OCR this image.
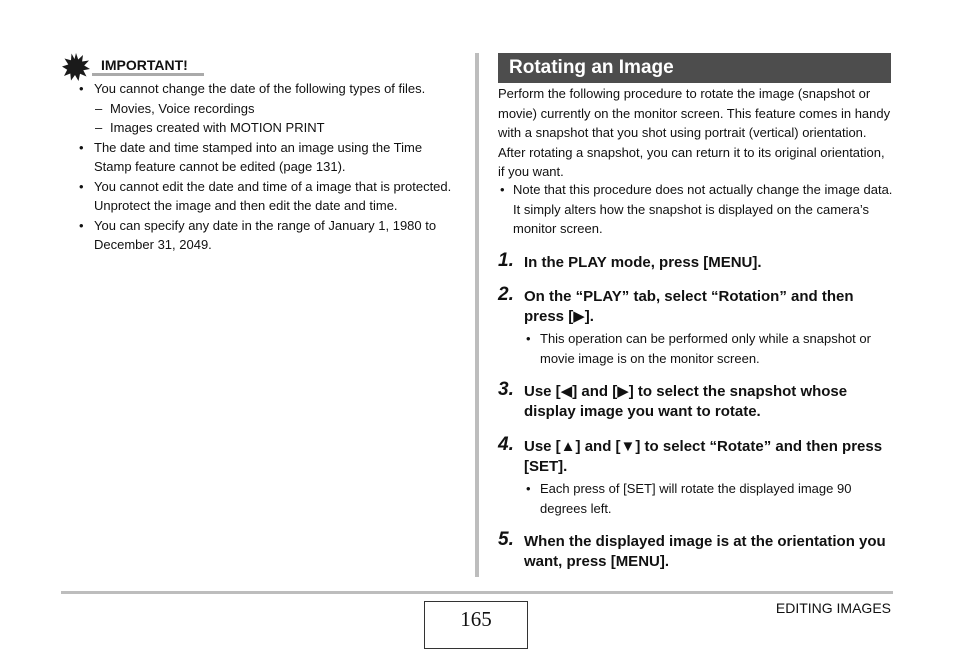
IMPORTANT!
• You cannot change the date of the following types of files.
– Movies, Voice recordings
– Images created with MOTION PRINT
• The date and time stamped into an image using the Time Stamp feature cannot be edited (page 131).
• You cannot edit the date and time of a image that is protected. Unprotect the image and then edit the date and time.
• You can specify any date in the range of January 1, 1980 to December 31, 2049.
Rotating an Image

Perform the following procedure to rotate the image (snapshot or movie) currently on the monitor screen. This feature comes in handy with a snapshot that you shot using portrait (vertical) orientation. After rotating a snapshot, you can return it to its original orientation, if you want.

• Note that this procedure does not actually change the image data. It simply alters how the snapshot is displayed on the camera’s monitor screen.
1. In the PLAY mode, press [MENU].
2. On the “PLAY” tab, select “Rotation” and then press [▶].
• This operation can be performed only while a snapshot or movie image is on the monitor screen.
3. Use [◀] and [▶] to select the snapshot whose display image you want to rotate.
4. Use [▲] and [▼] to select “Rotate” and then press [SET].
• Each press of [SET] will rotate the displayed image 90 degrees left.
5. When the displayed image is at the orientation you want, press [MENU].
165	EDITING IMAGES
